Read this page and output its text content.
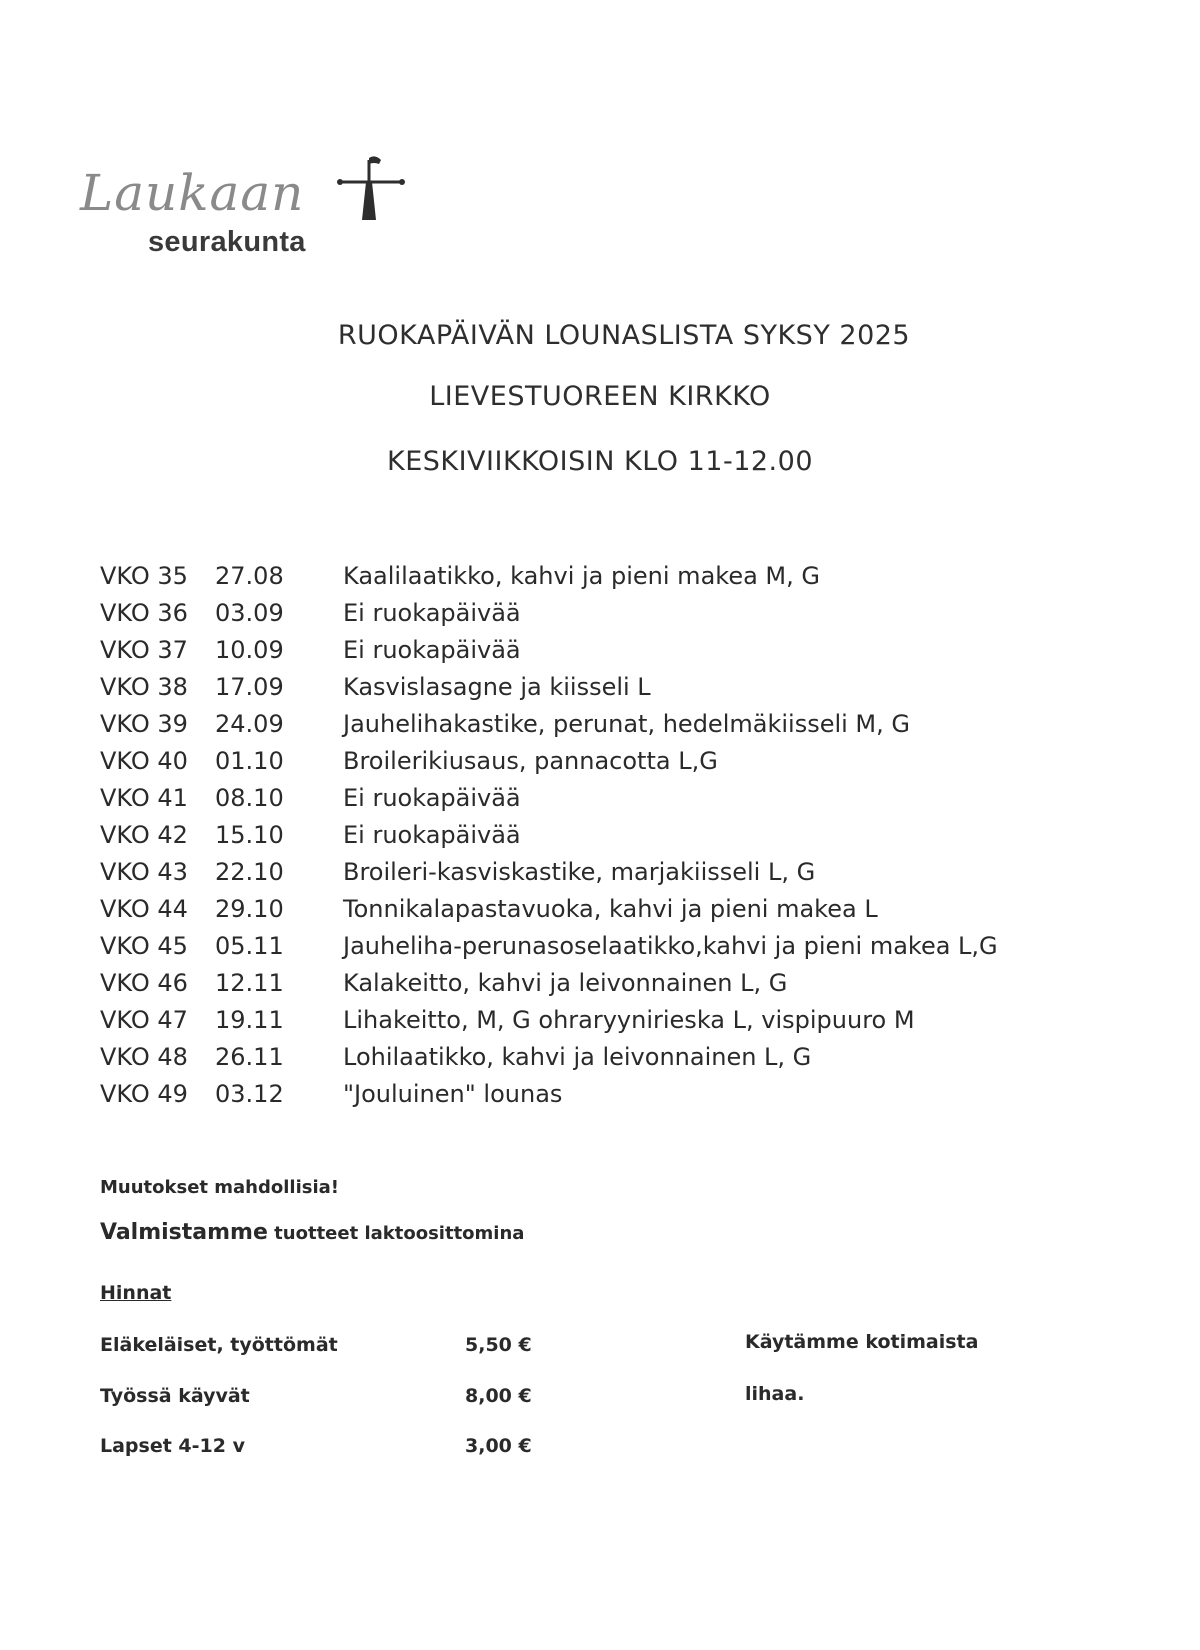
Laukaan
seurakunta
RUOKAPÄIVÄN LOUNASLISTA SYKSY 2025
LIEVESTUOREEN KIRKKO
KESKIVIIKKOISIN KLO 11-12.00
VKO 35 27.08 Kaalilaatikko, kahvi ja pieni makea M, G
VKO 36 03.09 Ei ruokapäivää
VKO 37 10.09 Ei ruokapäivää
VKO 38 17.09 Kasvislasagne ja kiisseli L
VKO 39 24.09 Jauhelihakastike, perunat, hedelmäkiisseli M, G
VKO 40 01.10 Broilerikiusaus, pannacotta L,G
VKO 41 08.10 Ei ruokapäivää
VKO 42 15.10 Ei ruokapäivää
VKO 43 22.10 Broileri-kasviskastike, marjakiisseli L, G
VKO 44 29.10 Tonnikalapastavuoka, kahvi ja pieni makea L
VKO 45 05.11 Jauheliha-perunasoselaatikko,kahvi ja pieni makea L,G
VKO 46 12.11 Kalakeitto, kahvi ja leivonnainen L, G
VKO 47 19.11 Lihakeitto, M, G ohraryynirieska L, vispipuuro M
VKO 48 26.11 Lohilaatikko, kahvi ja leivonnainen L, G
VKO 49 03.12 "Jouluinen" lounas
Muutokset mahdollisia!
Valmistamme tuotteet laktoosittomina
Hinnat
Eläkeläiset, työttömät	5,50 €
Työssä käyvät	8,00 €
Lapset 4-12 v	3,00 €
Käytämme kotimaista
lihaa.
